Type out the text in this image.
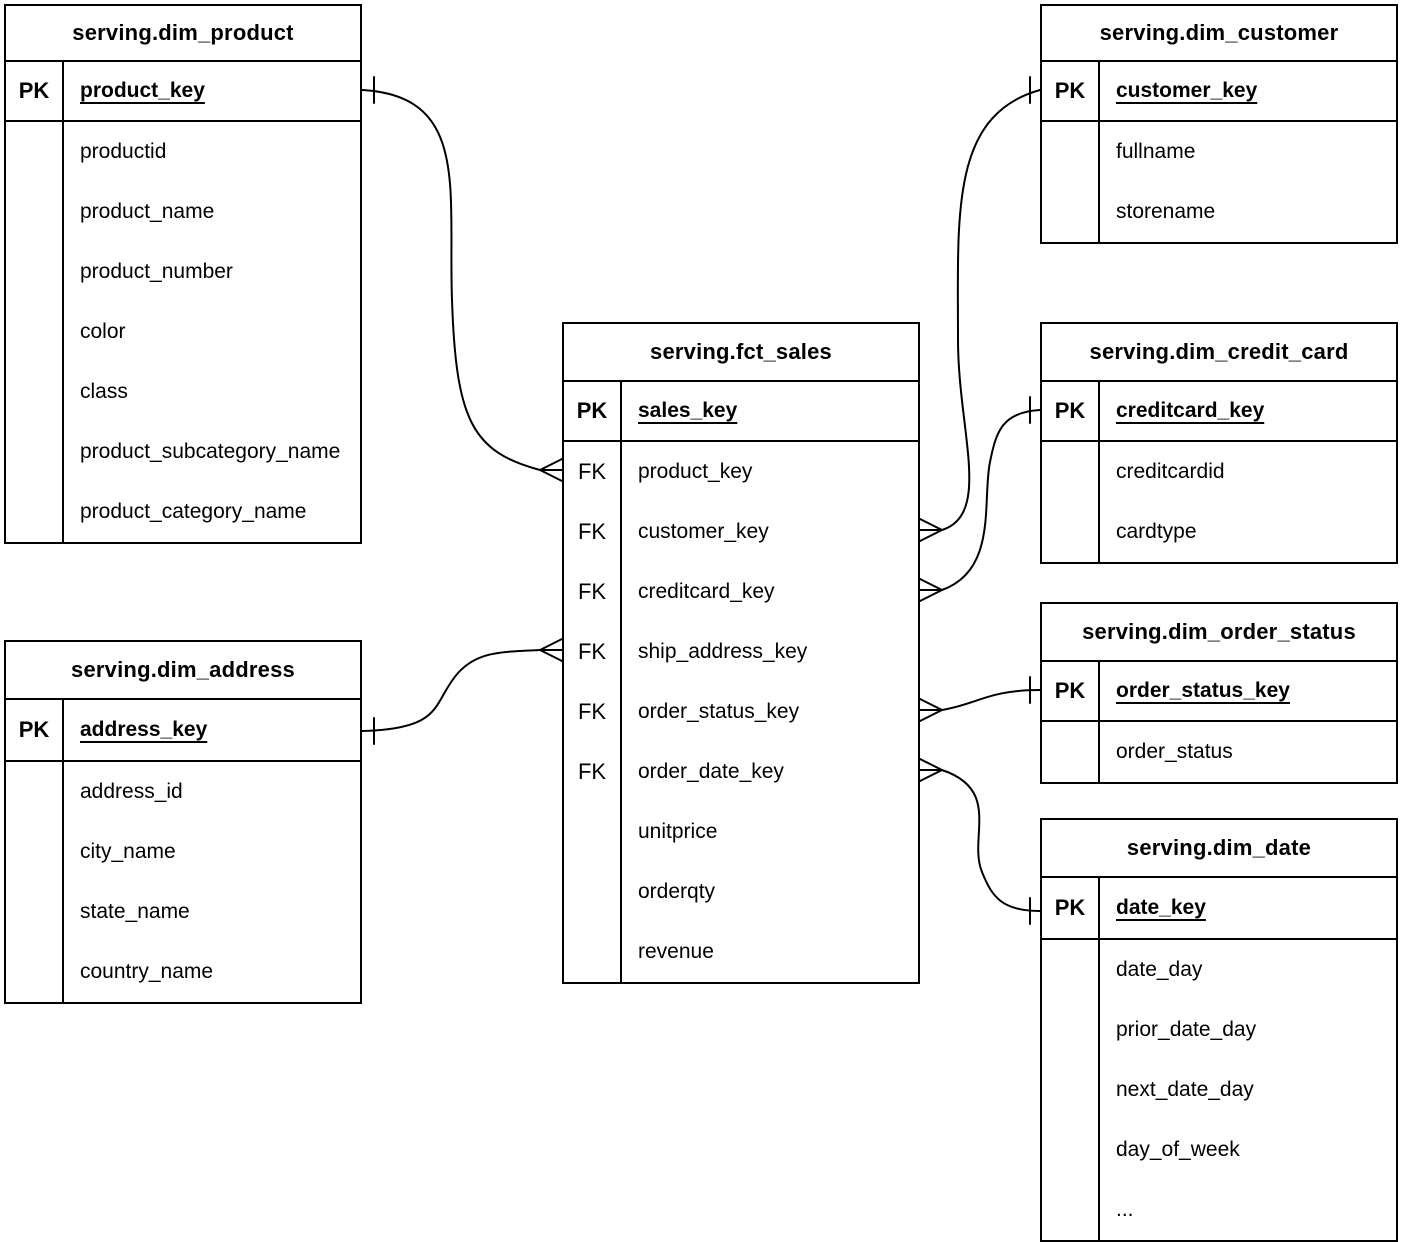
serving.dim_product
PK	product_key
productid
product_name
product_number
color
class
product_subcategory_name
product_category_name
serving.fct_sales
PK	sales_key
FK	product_key
FK	customer_key
FK	creditcard_key
FK	ship_address_key
FK	order_status_key
FK	order_date_key
unitprice
orderqty
revenue
serving.dim_customer
PK	customer_key
fullname
storename
serving.dim_credit_card
PK	creditcard_key
creditcardid
cardtype
serving.dim_order_status
PK	order_status_key
order_status
serving.dim_date
PK	date_key
date_day
prior_date_day
next_date_day
day_of_week
...
serving.dim_address
PK	address_key
address_id
city_name
state_name
country_name
